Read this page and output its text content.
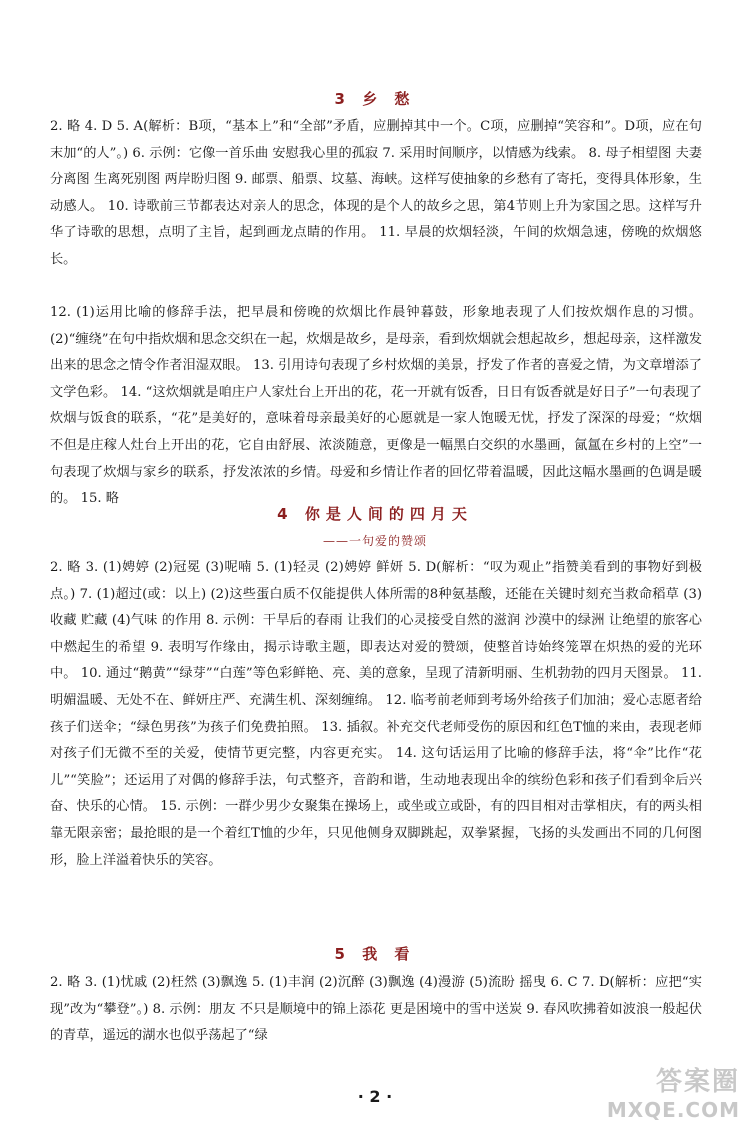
3 乡 愁

2. 略 4. D 5. A(解析：B项，“基本上”和“全部”矛盾，应删掉其中一个。C项，应删掉“笑容和”。D项，应在句末加“的人”。) 6. 示例：它像一首乐曲 安慰我心里的孤寂 7. 采用时间顺序，以情感为线索。 8. 母子相望图 夫妻分离图 生离死别图 两岸盼归图 9. 邮票、船票、坟墓、海峡。这样写使抽象的乡愁有了寄托，变得具体形象，生动感人。 10. 诗歌前三节都表达对亲人的思念，体现的是个人的故乡之思，第4节则上升为家国之思。这样写升华了诗歌的思想，点明了主旨，起到画龙点睛的作用。 11. 早晨的炊烟轻淡，午间的炊烟急速，傍晚的炊烟悠长。

12. (1)运用比喻的修辞手法，把早晨和傍晚的炊烟比作晨钟暮鼓，形象地表现了人们按炊烟作息的习惯。 (2)“缠绕”在句中指炊烟和思念交织在一起，炊烟是故乡，是母亲，看到炊烟就会想起故乡，想起母亲，这样激发出来的思念之情令作者泪湿双眼。 13. 引用诗句表现了乡村炊烟的美景，抒发了作者的喜爱之情，为文章增添了文学色彩。 14. “这炊烟就是咱庄户人家灶台上开出的花，花一开就有饭香，日日有饭香就是好日子”一句表现了炊烟与饭食的联系，“花”是美好的，意味着母亲最美好的心愿就是一家人饱暖无忧，抒发了深深的母爱；“炊烟不但是庄稼人灶台上开出的花，它自由舒展、浓淡随意，更像是一幅黑白交织的水墨画，氤氲在乡村的上空”一句表现了炊烟与家乡的联系，抒发浓浓的乡情。母爱和乡情让作者的回忆带着温暖，因此这幅水墨画的色调是暖的。 15. 略

4 你是人间的四月天
——一句爱的赞颂

2. 略 3. (1)娉婷 (2)冠冕 (3)呢喃 5. (1)轻灵 (2)娉婷 鲜妍 5. D(解析：“叹为观止”指赞美看到的事物好到极点。) 7. (1)超过(或：以上) (2)这些蛋白质不仅能提供人体所需的8种氨基酸，还能在关键时刻充当救命稻草 (3)收藏 贮藏 (4)气味 的作用 8. 示例：干旱后的春雨 让我们的心灵接受自然的滋润 沙漠中的绿洲 让绝望的旅客心中燃起生的希望 9. 表明写作缘由，揭示诗歌主题，即表达对爱的赞颂，使整首诗始终笼罩在炽热的爱的光环中。 10. 通过“鹅黄”“绿芽”“白莲”等色彩鲜艳、亮、美的意象，呈现了清新明丽、生机勃勃的四月天图景。 11. 明媚温暖、无处不在、鲜妍庄严、充满生机、深刻缠绵。 12. 临考前老师到考场外给孩子们加油；爱心志愿者给孩子们送伞；“绿色男孩”为孩子们免费拍照。 13. 插叙。补充交代老师受伤的原因和红色T恤的来由，表现老师对孩子们无微不至的关爱，使情节更完整，内容更充实。 14. 这句话运用了比喻的修辞手法，将“伞”比作“花儿”“笑脸”；还运用了对偶的修辞手法，句式整齐，音韵和谐，生动地表现出伞的缤纷色彩和孩子们看到伞后兴奋、快乐的心情。 15. 示例：一群少男少女聚集在操场上，或坐或立或卧，有的四目相对击掌相庆，有的两头相靠无限亲密；最抢眼的是一个着红T恤的少年，只见他侧身双脚跳起，双拳紧握，飞扬的头发画出不同的几何图形，脸上洋溢着快乐的笑容。

5 我 看

2. 略 3. (1)忧戚 (2)枉然 (3)飘逸 5. (1)丰润 (2)沉醉 (3)飘逸 (4)漫游 (5)流盼 摇曳 6. C 7. D(解析：应把“实现”改为“攀登”。) 8. 示例：朋友 不只是顺境中的锦上添花 更是困境中的雪中送炭 9. 春风吹拂着如波浪一般起伏的青草，遥远的湖水也似乎荡起了“绿

· 2 ·	答案圈
MXQE.COM
